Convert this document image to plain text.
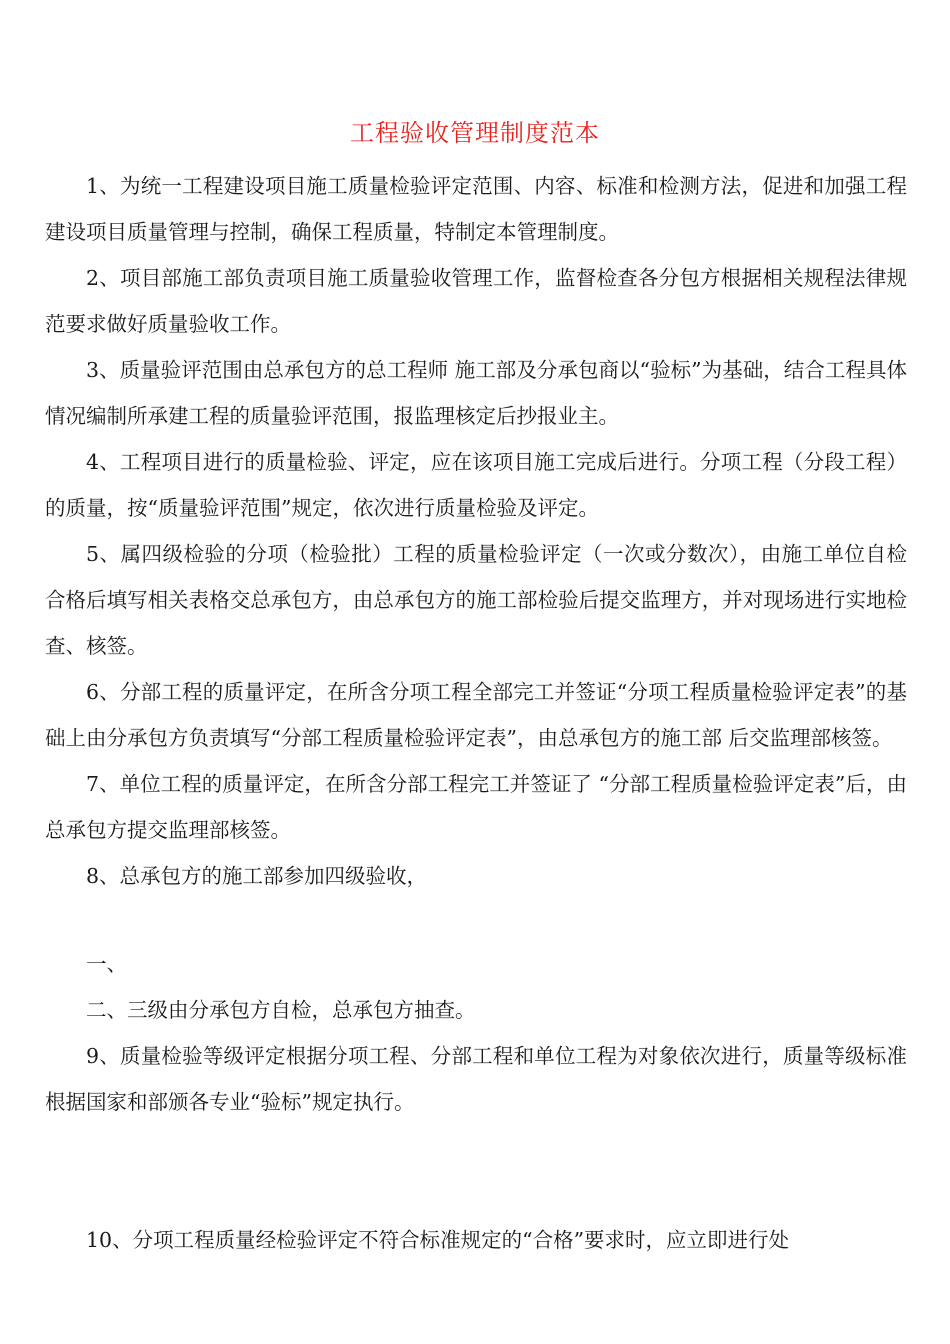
工程验收管理制度范本

1、为统一工程建设项目施工质量检验评定范围、内容、标准和检测方法，促进和加强工程建设项目质量管理与控制，确保工程质量，特制定本管理制度。

2、项目部施工部负责项目施工质量验收管理工作，监督检查各分包方根据相关规程法律规范要求做好质量验收工作。

3、质量验评范围由总承包方的总工程师 施工部及分承包商以“验标”为基础，结合工程具体情况编制所承建工程的质量验评范围，报监理核定后抄报业主。

4、工程项目进行的质量检验、评定，应在该项目施工完成后进行。分项工程（分段工程）的质量，按“质量验评范围”规定，依次进行质量检验及评定。

5、属四级检验的分项（检验批）工程的质量检验评定（一次或分数次），由施工单位自检合格后填写相关表格交总承包方，由总承包方的施工部检验后提交监理方，并对现场进行实地检查、核签。

6、分部工程的质量评定，在所含分项工程全部完工并签证“分项工程质量检验评定表”的基础上由分承包方负责填写“分部工程质量检验评定表”，由总承包方的施工部 后交监理部核签。

7、单位工程的质量评定，在所含分部工程完工并签证了 “分部工程质量检验评定表”后，由总承包方提交监理部核签。

8、总承包方的施工部参加四级验收，

一、

二、三级由分承包方自检，总承包方抽查。

9、质量检验等级评定根据分项工程、分部工程和单位工程为对象依次进行，质量等级标准根据国家和部颁各专业“验标”规定执行。

10、分项工程质量经检验评定不符合标准规定的“合格”要求时，应立即进行处
